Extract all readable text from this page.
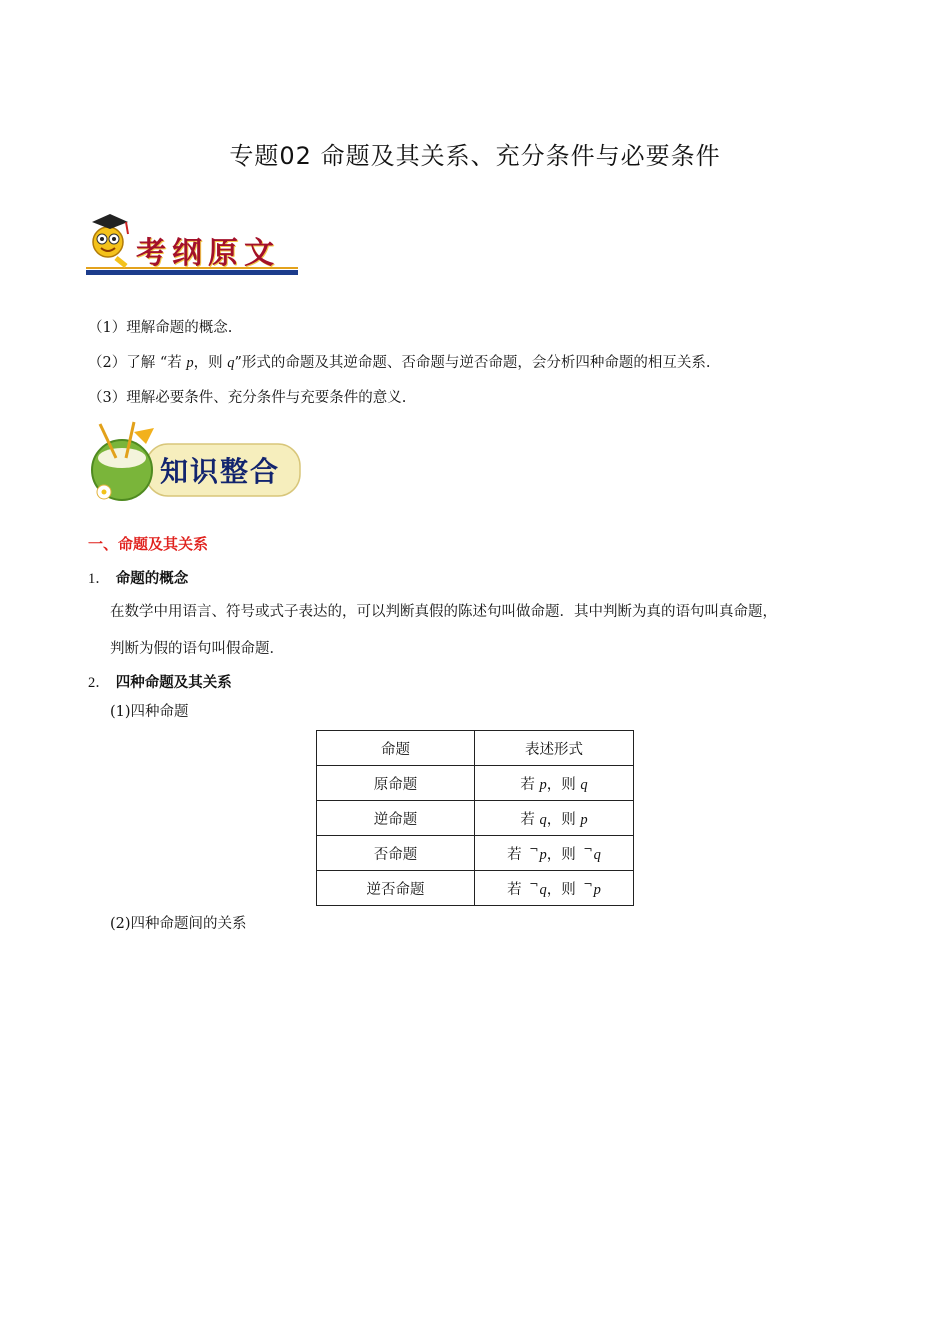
专题02 命题及其关系、充分条件与必要条件
考纲原文
（1）理解命题的概念.
（2）了解 “若 p，则 q”形式的命题及其逆命题、否命题与逆否命题，会分析四种命题的相互关系.
（3）理解必要条件、充分条件与充要条件的意义.
知识整合
一、命题及其关系
1． 命题的概念
在数学中用语言、符号或式子表达的，可以判断真假的陈述句叫做命题．其中判断为真的语句叫真命题，
判断为假的语句叫假命题．
2． 四种命题及其关系
(1)四种命题
命题	表述形式
原命题	若 p，则 q
逆命题	若 q，则 p
否命题	若 ¬p，则 ¬q
逆否命题	若 ¬q，则 ¬p
(2)四种命题间的关系
